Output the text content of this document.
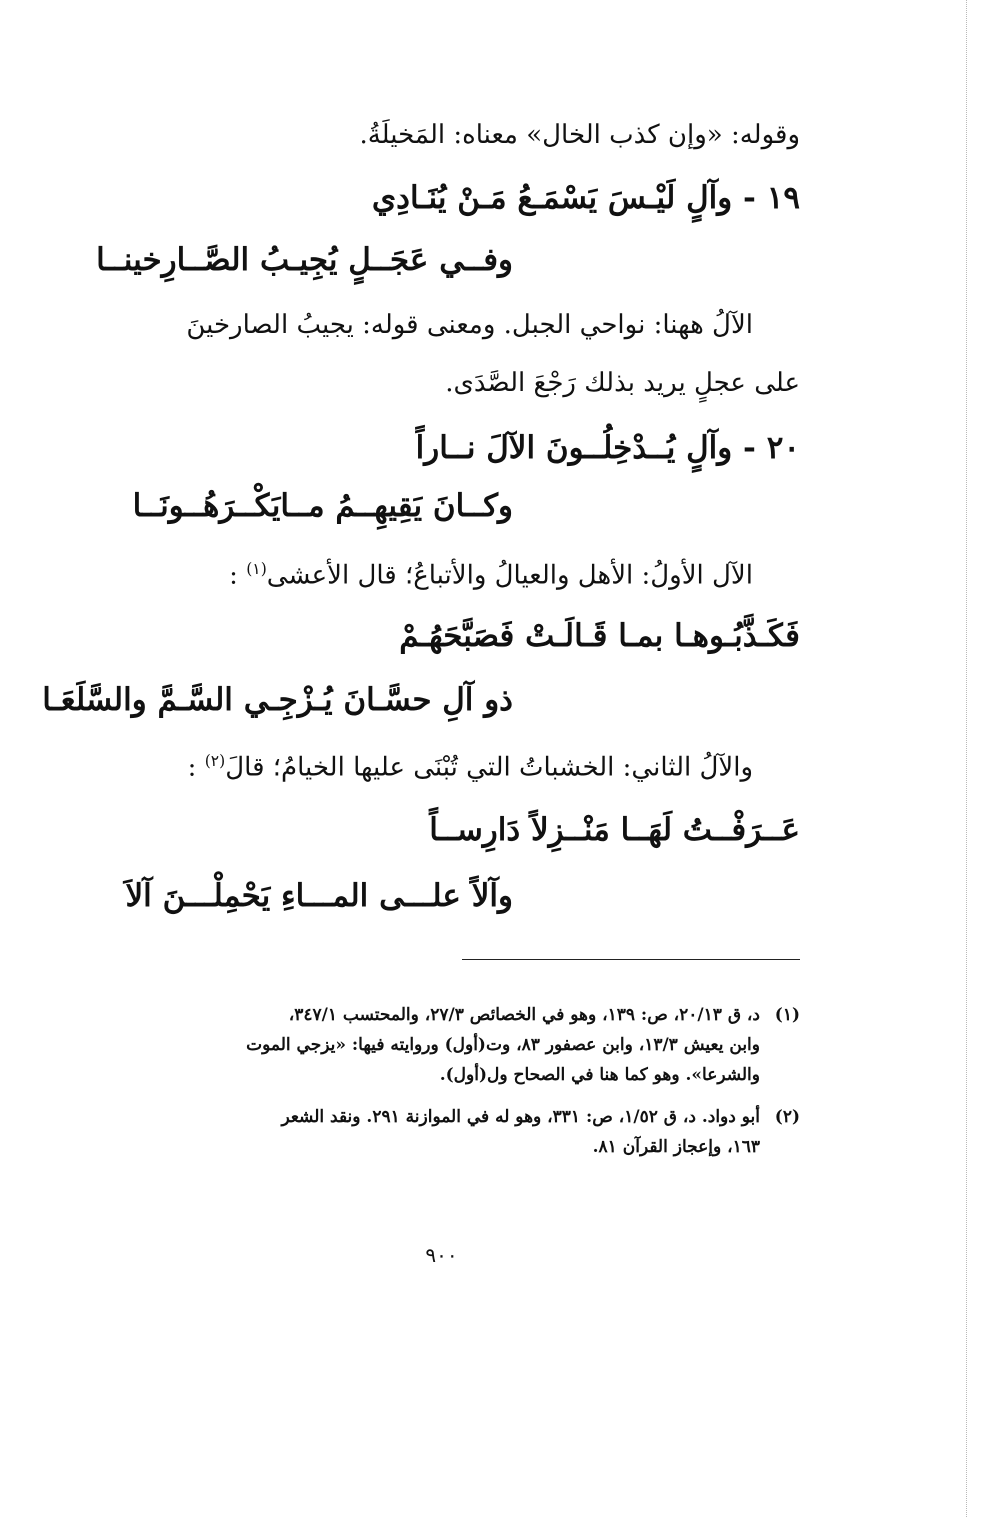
وقوله: «وإن كذب الخال» معناه: المَخيلَةُ.

١٩ - وآلٍ لَيْـسَ يَسْمَـعُ مَـنْ يُنَـادِي

وفــي عَجَــلٍ يُجِيـبُ الصَّــارِخينــا

الآلُ ههنا: نواحي الجبل. ومعنى قوله: يجيبُ الصارخينَ

على عجلٍ يريد بذلك رَجْعَ الصَّدَى.

٢٠ - وآلٍ يُــدْخِلُــونَ الآلَ نــاراً

وكــانَ يَقِيهِــمُ مــايَكْــرَهُــونَــا

الآل الأولُ: الأهل والعيالُ والأتباعُ؛ قال الأعشى$^{(١)}$ :

فَكَـذَّبُـوهـا بمـا قَـالَـتْ فَصَبَّحَهُـمْ

ذو آلِ حسَّـانَ يُـزْجِـي السَّـمَّ والسَّلَعَـا

والآلُ الثاني: الخشباتُ التي تُبْنَى عليها الخيامُ؛ قالَ$^{(٢)}$ :

عَــرَفْــتُ لَهَــا مَنْــزِلاً دَارِســاً

وآلاً علـــى المـــاءِ يَحْمِلْـــنَ آلاَ

(١)
د، ق ٢٠/١٣، ص: ١٣٩، وهو في الخصائص ٢٧/٣، والمحتسب ٣٤٧/١،
وابن يعيش ١٣/٣، وابن عصفور ٨٣، وت(أول) وروايته فيها: «يزجي الموت
والشرعا». وهو كما هنا في الصحاح ول(أول).
(٢)
أبو دواد. د، ق ١/٥٢، ص: ٣٣١، وهو له في الموازنة ٢٩١. ونقد الشعر
١٦٣، وإعجاز القرآن ٨١.
٩٠٠
